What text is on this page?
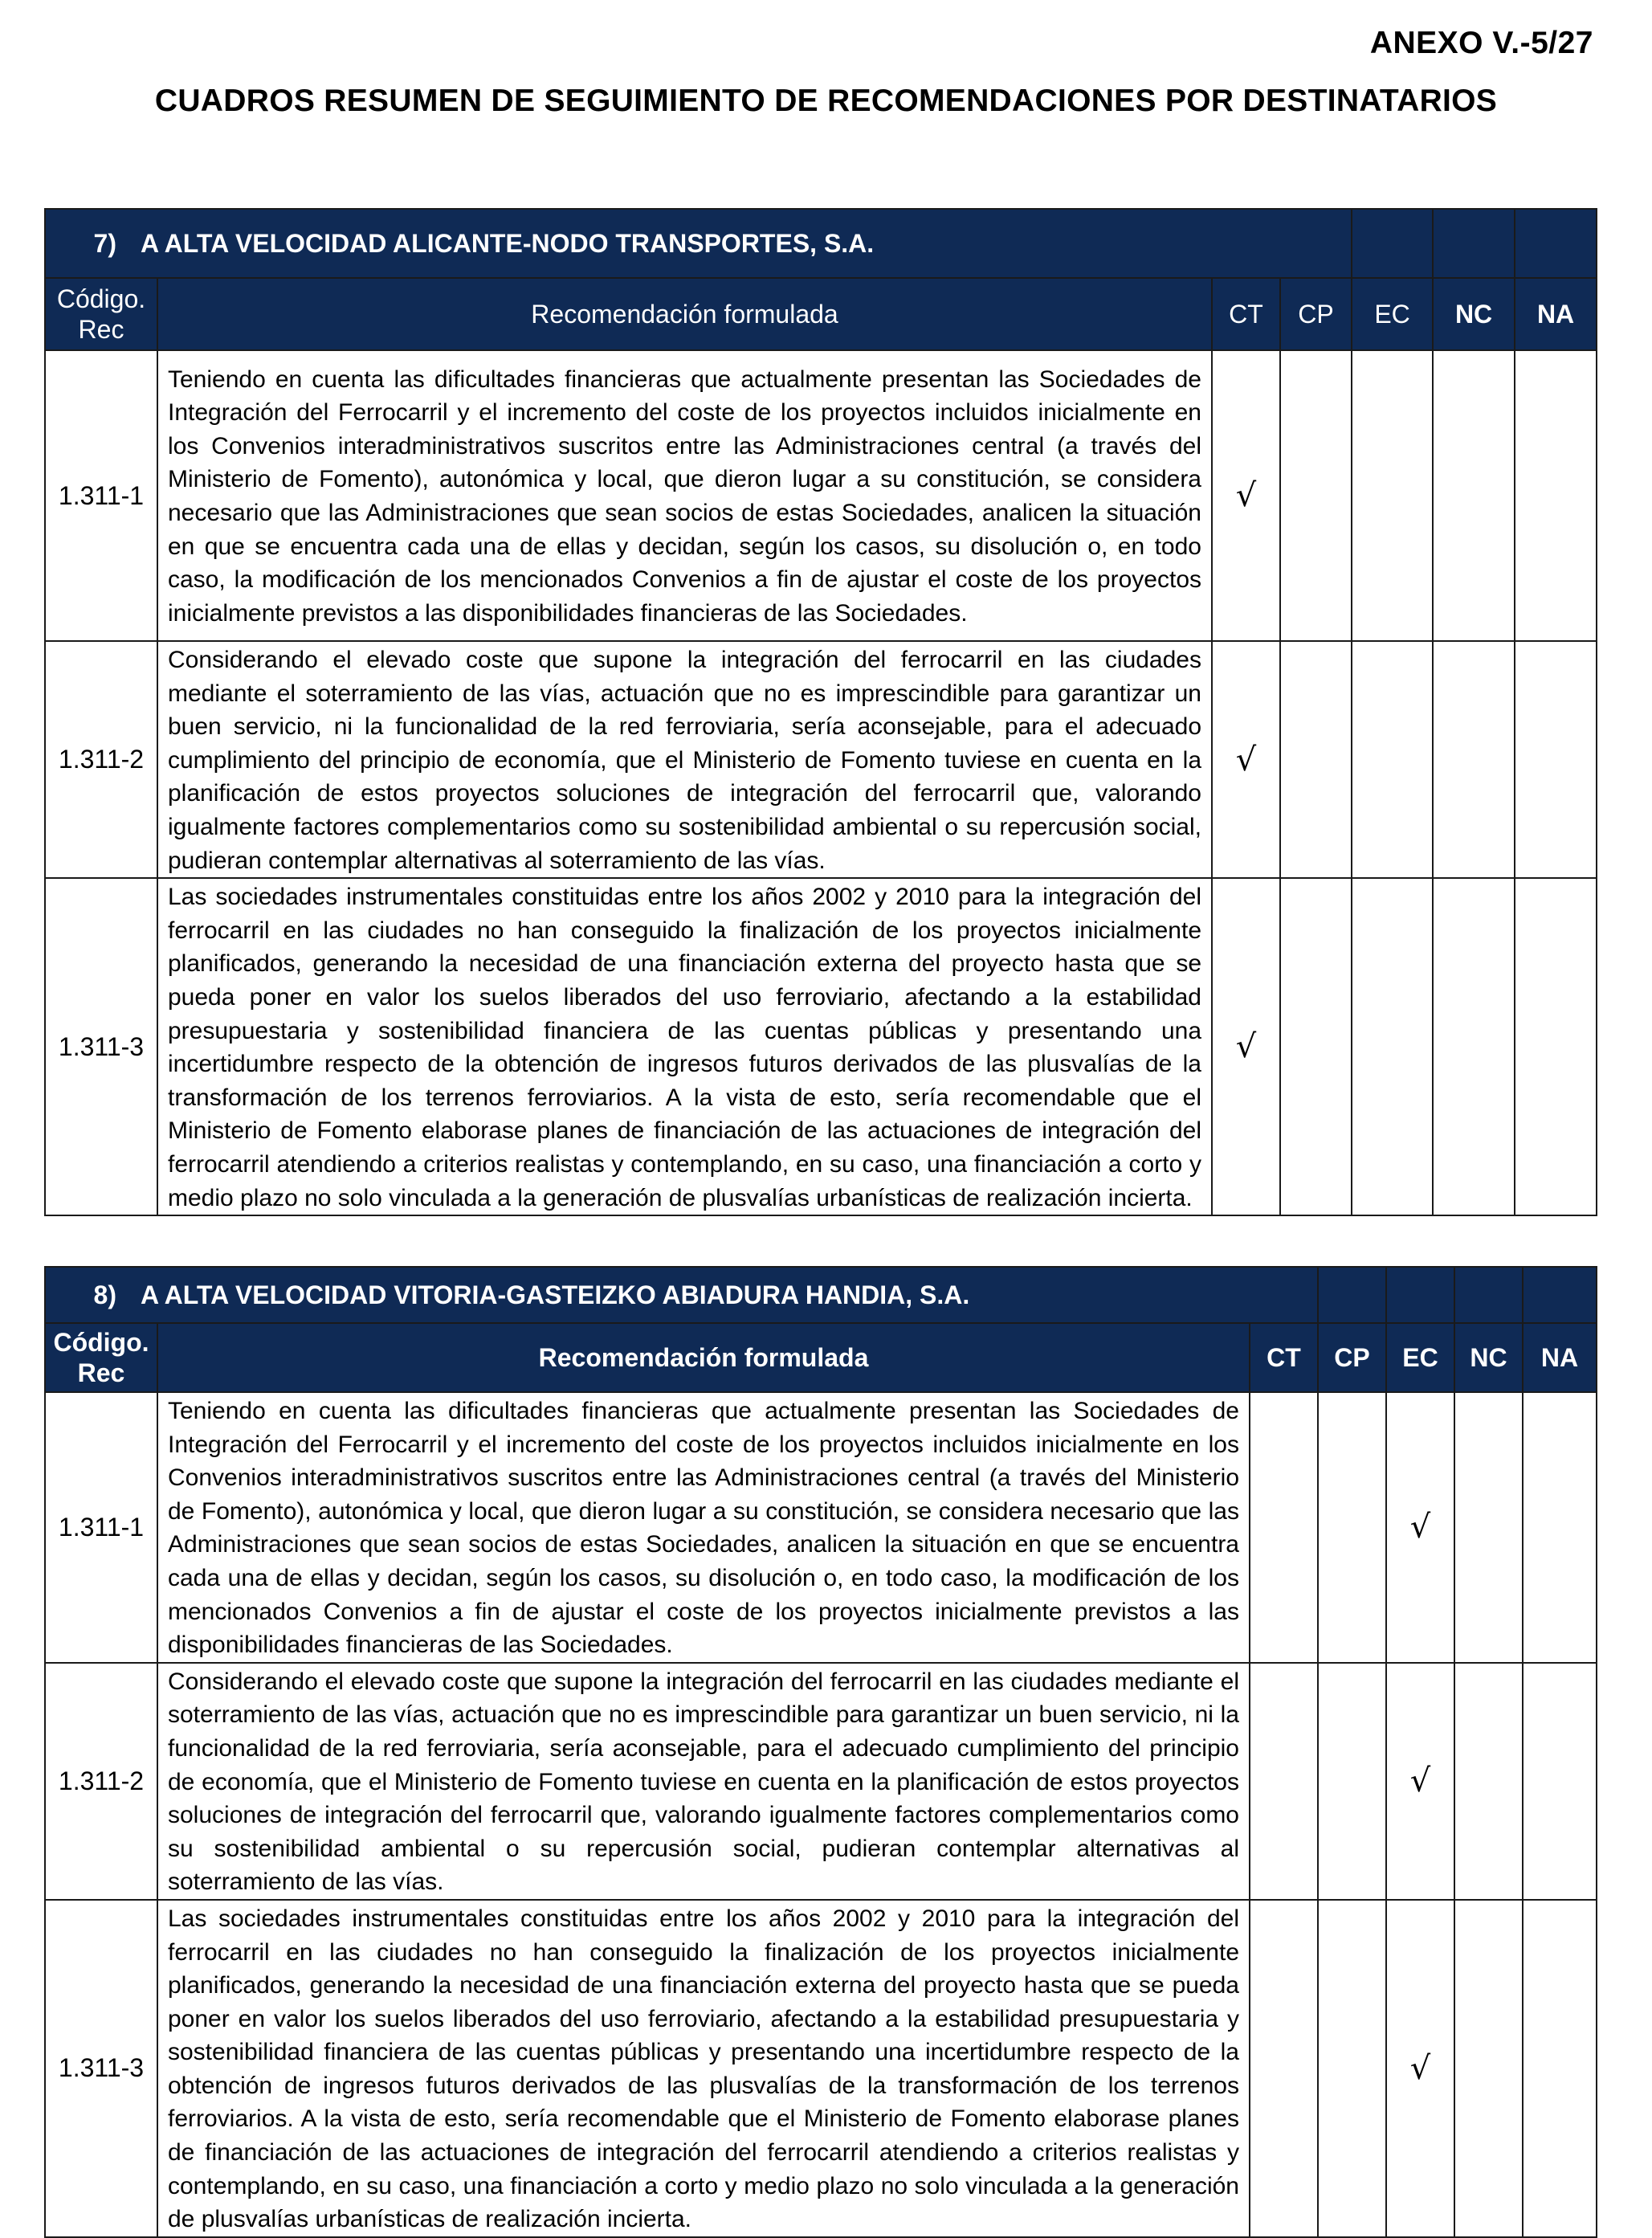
ANEXO V.-5/27
CUADROS RESUMEN DE SEGUIMIENTO DE RECOMENDACIONES POR DESTINATARIOS
7) A ALTA VELOCIDAD ALICANTE-NODO TRANSPORTES, S.A.						
Código. Rec	Recomendación formulada	CT	CP	EC	NC	NA
1.311-1	Teniendo en cuenta las dificultades financieras que actualmente presentan las Sociedades de Integración del Ferrocarril y el incremento del coste de los proyectos incluidos inicialmente en los Convenios interadministrativos suscritos entre las Administraciones central (a través del Ministerio de Fomento), autonómica y local, que dieron lugar a su constitución, se considera necesario que las Administraciones que sean socios de estas Sociedades, analicen la situación en que se encuentra cada una de ellas y decidan, según los casos, su disolución o, en todo caso, la modificación de los mencionados Convenios a fin de ajustar el coste de los proyectos inicialmente previstos a las disponibilidades financieras de las Sociedades.	√				
1.311-2	Considerando el elevado coste que supone la integración del ferrocarril en las ciudades mediante el soterramiento de las vías, actuación que no es imprescindible para garantizar un buen servicio, ni la funcionalidad de la red ferroviaria, sería aconsejable, para el adecuado cumplimiento del principio de economía, que el Ministerio de Fomento tuviese en cuenta en la planificación de estos proyectos soluciones de integración del ferrocarril que, valorando igualmente factores complementarios como su sostenibilidad ambiental o su repercusión social, pudieran contemplar alternativas al soterramiento de las vías.	√				
1.311-3	Las sociedades instrumentales constituidas entre los años 2002 y 2010 para la integración del ferrocarril en las ciudades no han conseguido la finalización de los proyectos inicialmente planificados, generando la necesidad de una financiación externa del proyecto hasta que se pueda poner en valor los suelos liberados del uso ferroviario, afectando a la estabilidad presupuestaria y sostenibilidad financiera de las cuentas públicas y presentando una incertidumbre respecto de la obtención de ingresos futuros derivados de las plusvalías de la transformación de los terrenos ferroviarios. A la vista de esto, sería recomendable que el Ministerio de Fomento elaborase planes de financiación de las actuaciones de integración del ferrocarril atendiendo a criterios realistas y contemplando, en su caso, una financiación a corto y medio plazo no solo vinculada a la generación de plusvalías urbanísticas de realización incierta.	√				
8) A ALTA VELOCIDAD VITORIA-GASTEIZKO ABIADURA HANDIA, S.A.						
Código. Rec	Recomendación formulada	CT	CP	EC	NC	NA
1.311-1	Teniendo en cuenta las dificultades financieras que actualmente presentan las Sociedades de Integración del Ferrocarril y el incremento del coste de los proyectos incluidos inicialmente en los Convenios interadministrativos suscritos entre las Administraciones central (a través del Ministerio de Fomento), autonómica y local, que dieron lugar a su constitución, se considera necesario que las Administraciones que sean socios de estas Sociedades, analicen la situación en que se encuentra cada una de ellas y decidan, según los casos, su disolución o, en todo caso, la modificación de los mencionados Convenios a fin de ajustar el coste de los proyectos inicialmente previstos a las disponibilidades financieras de las Sociedades.			√		
1.311-2	Considerando el elevado coste que supone la integración del ferrocarril en las ciudades mediante el soterramiento de las vías, actuación que no es imprescindible para garantizar un buen servicio, ni la funcionalidad de la red ferroviaria, sería aconsejable, para el adecuado cumplimiento del principio de economía, que el Ministerio de Fomento tuviese en cuenta en la planificación de estos proyectos soluciones de integración del ferrocarril que, valorando igualmente factores complementarios como su sostenibilidad ambiental o su repercusión social, pudieran contemplar alternativas al soterramiento de las vías.			√		
1.311-3	Las sociedades instrumentales constituidas entre los años 2002 y 2010 para la integración del ferrocarril en las ciudades no han conseguido la finalización de los proyectos inicialmente planificados, generando la necesidad de una financiación externa del proyecto hasta que se pueda poner en valor los suelos liberados del uso ferroviario, afectando a la estabilidad presupuestaria y sostenibilidad financiera de las cuentas públicas y presentando una incertidumbre respecto de la obtención de ingresos futuros derivados de las plusvalías de la transformación de los terrenos ferroviarios. A la vista de esto, sería recomendable que el Ministerio de Fomento elaborase planes de financiación de las actuaciones de integración del ferrocarril atendiendo a criterios realistas y contemplando, en su caso, una financiación a corto y medio plazo no solo vinculada a la generación de plusvalías urbanísticas de realización incierta.			√		
